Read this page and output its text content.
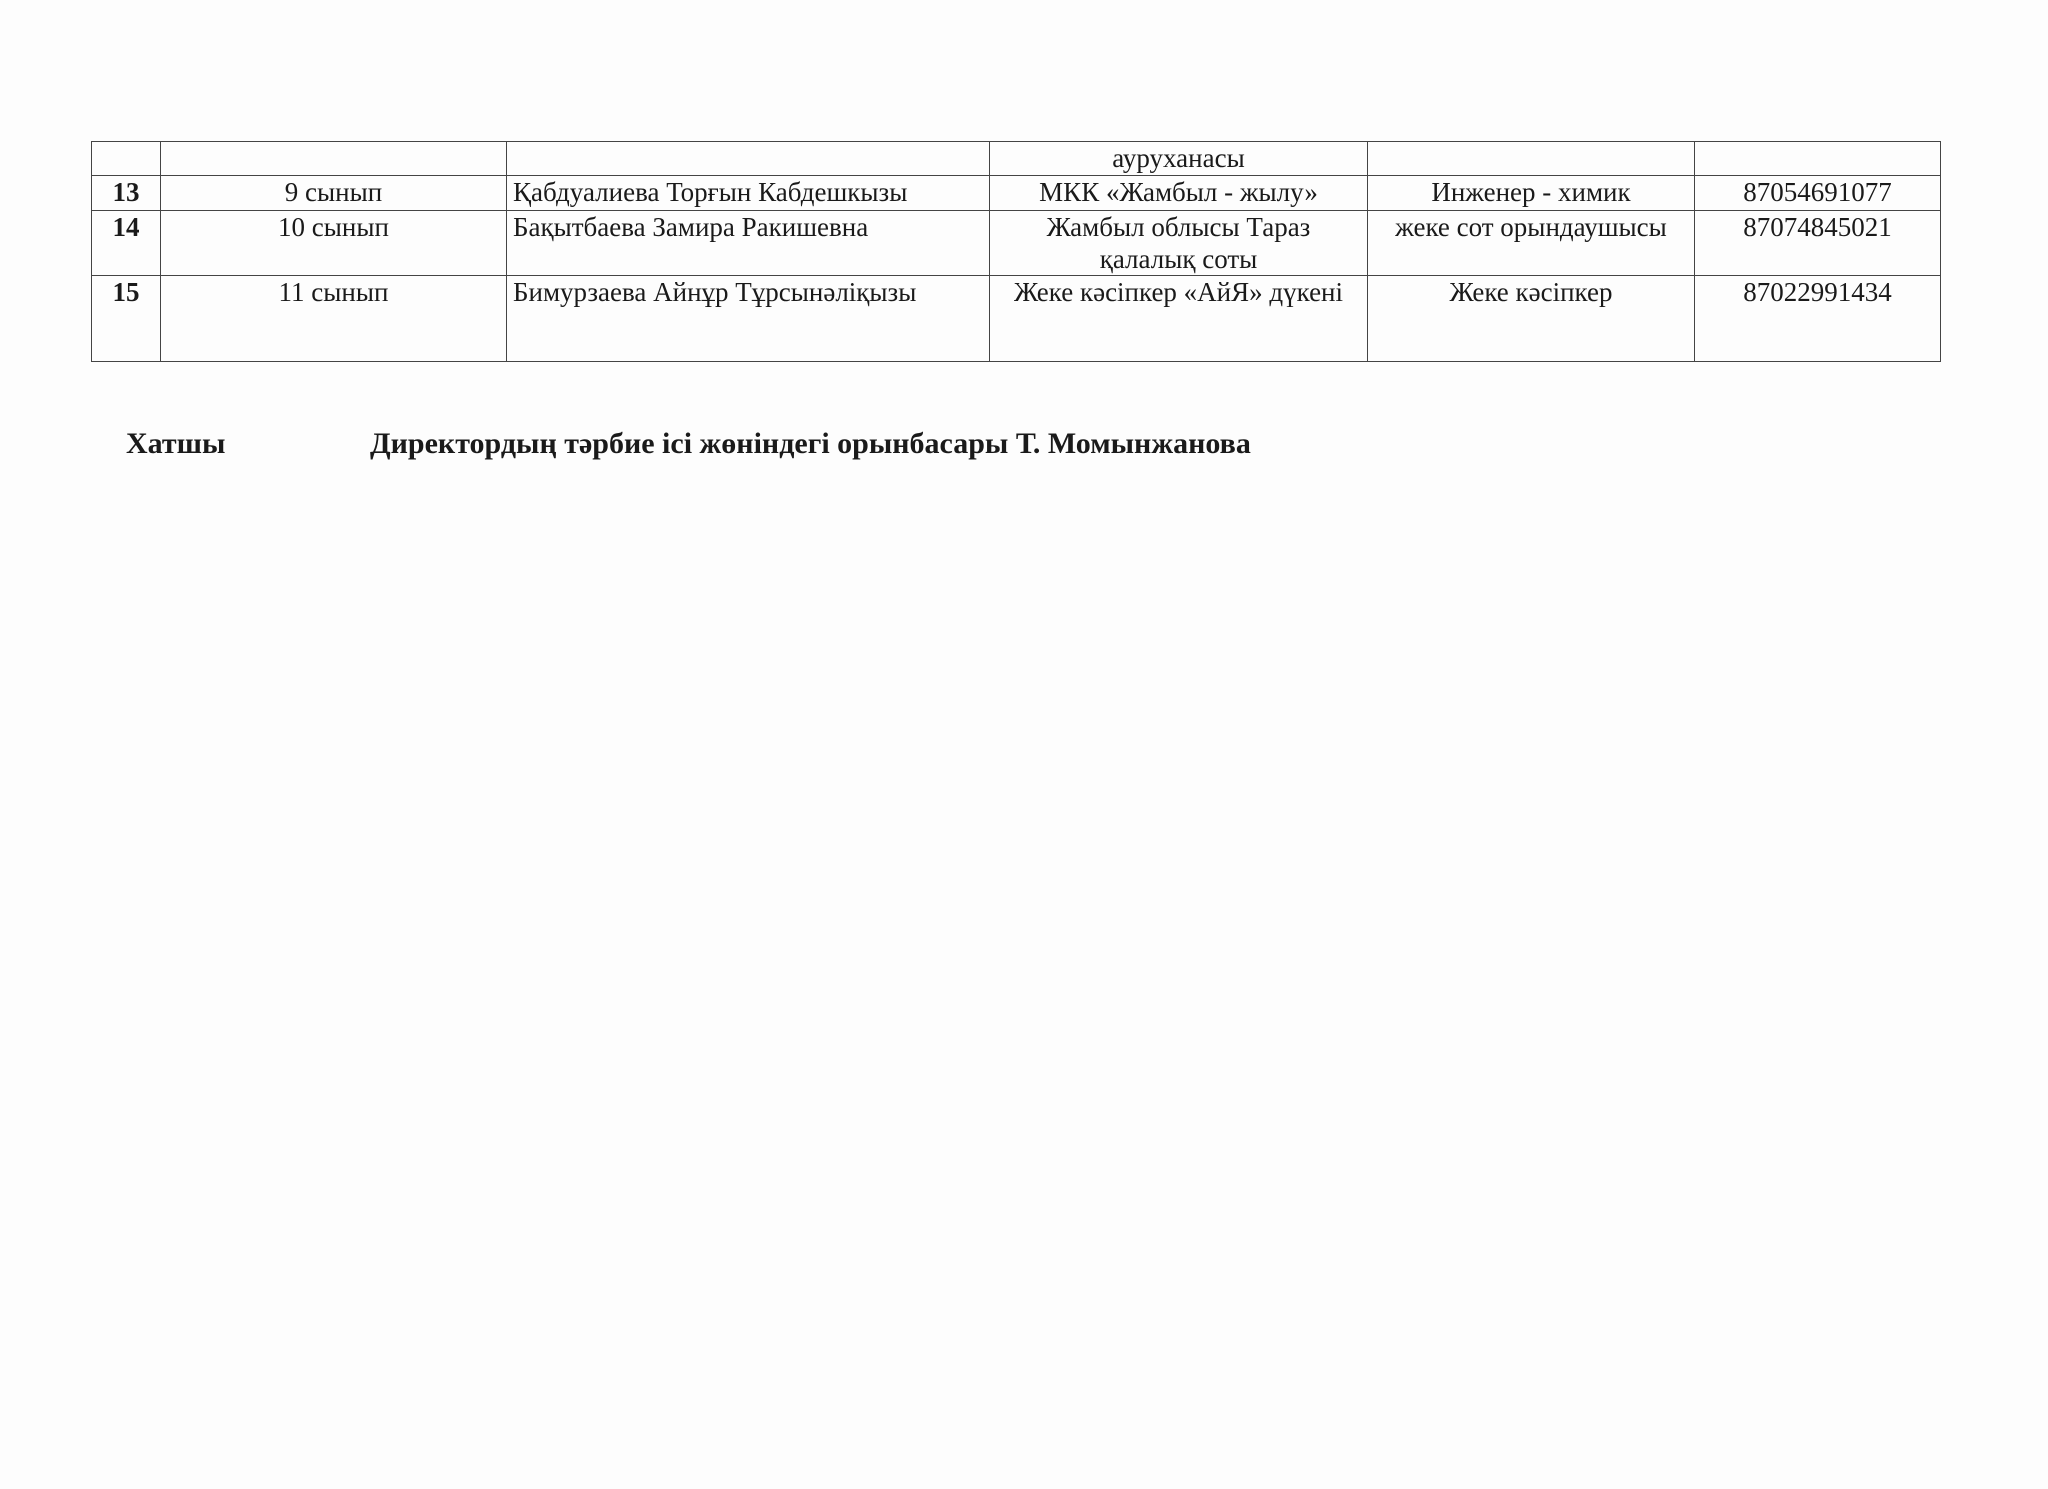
			ауруханасы		
13	9 сынып	Қабдуалиева Торғын Кабдешкызы	МКК «Жамбыл - жылу»	Инженер - химик	87054691077
14	10 сынып	Бақытбаева Замира Ракишевна	Жамбыл облысы Тараз қалалық соты	жеке сот орындаушысы	87074845021
15	11 сынып	Бимурзаева Айнұр Тұрсынәліқызы	Жеке кәсіпкер «АйЯ» дүкені	Жеке кәсіпкер	87022991434
Хатшы	Директордың тәрбие ісі жөніндегі орынбасары Т. Момынжанова
